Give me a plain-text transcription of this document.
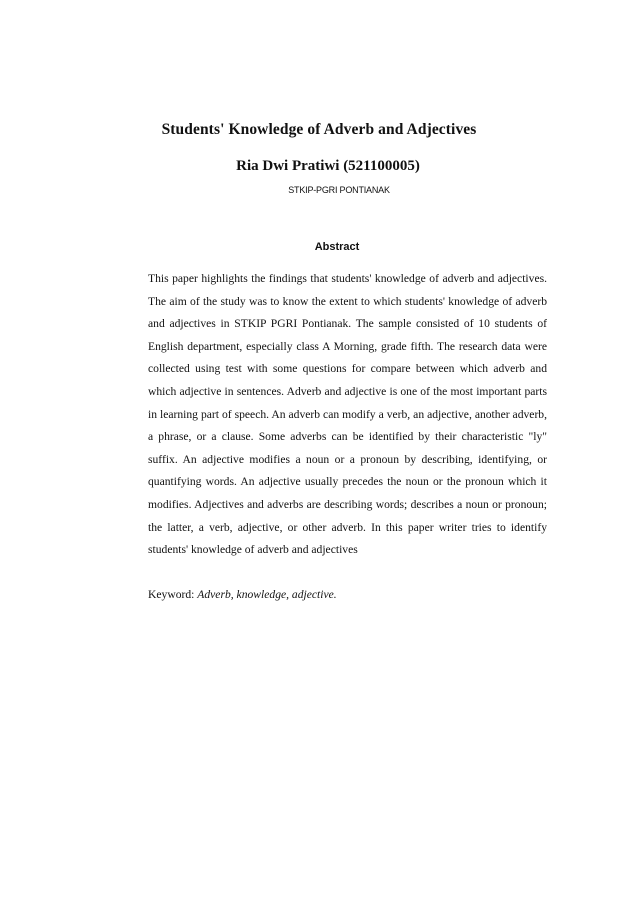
Students' Knowledge of Adverb and Adjectives
Ria Dwi Pratiwi (521100005)
STKIP-PGRI PONTIANAK
Abstract

This paper highlights the findings that students' knowledge of adverb and adjectives. The aim of the study was to know the extent to which students' knowledge of adverb and adjectives in STKIP PGRI Pontianak. The sample consisted of 10 students of English department, especially class A Morning, grade fifth. The research data were collected using test with some questions for compare between which adverb and which adjective in sentences. Adverb and adjective is one of the most important parts in learning part of speech. An adverb can modify a verb, an adjective, another adverb, a phrase, or a clause. Some adverbs can be identified by their characteristic "ly" suffix. An adjective modifies a noun or a pronoun by describing, identifying, or quantifying words. An adjective usually precedes the noun or the pronoun which it modifies. Adjectives and adverbs are describing words; describes a noun or pronoun; the latter, a verb, adjective, or other adverb. In this paper writer tries to identify students' knowledge of adverb and adjectives

Keyword: Adverb, knowledge, adjective.
